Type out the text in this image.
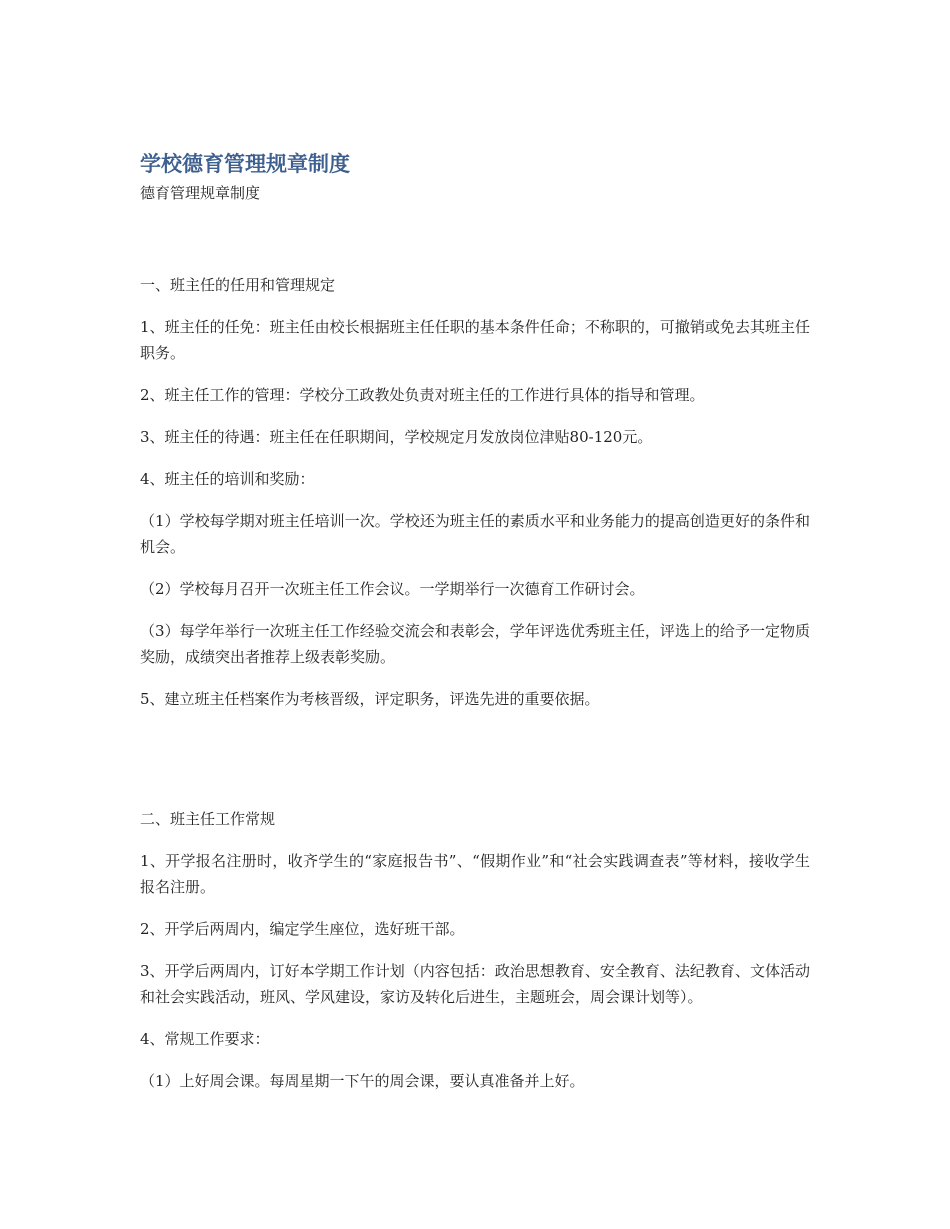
学校德育管理规章制度

德育管理规章制度

一、班主任的任用和管理规定

1、班主任的任免：班主任由校长根据班主任任职的基本条件任命；不称职的，可撤销或免去其班主任职务。

2、班主任工作的管理：学校分工政教处负责对班主任的工作进行具体的指导和管理。

3、班主任的待遇：班主任在任职期间，学校规定月发放岗位津贴80-120元。

4、班主任的培训和奖励：

（1）学校每学期对班主任培训一次。学校还为班主任的素质水平和业务能力的提高创造更好的条件和机会。

（2）学校每月召开一次班主任工作会议。一学期举行一次德育工作研讨会。

（3）每学年举行一次班主任工作经验交流会和表彰会，学年评选优秀班主任，评选上的给予一定物质奖励，成绩突出者推荐上级表彰奖励。

5、建立班主任档案作为考核晋级，评定职务，评选先进的重要依据。

二、班主任工作常规

1、开学报名注册时，收齐学生的“家庭报告书”、“假期作业”和“社会实践调查表”等材料，接收学生报名注册。

2、开学后两周内，编定学生座位，选好班干部。

3、开学后两周内，订好本学期工作计划（内容包括：政治思想教育、安全教育、法纪教育、文体活动和社会实践活动，班风、学风建设，家访及转化后进生，主题班会，周会课计划等）。

4、常规工作要求：

（1）上好周会课。每周星期一下午的周会课，要认真准备并上好。
